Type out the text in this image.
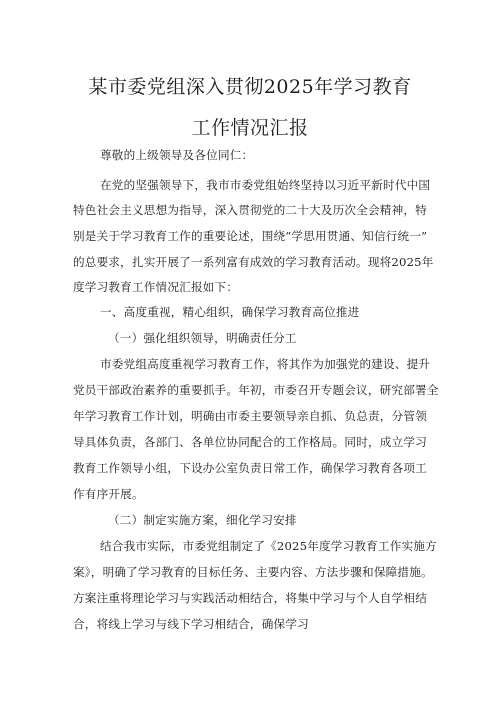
某市委党组深入贯彻2025年学习教育
工作情况汇报
尊敬的上级领导及各位同仁：
在党的坚强领导下，我市市委党组始终坚持以习近平新时代中国
特色社会主义思想为指导，深入贯彻党的二十大及历次全会精神，特
别是关于学习教育工作的重要论述，围绕“学思用贯通、知信行统一”
的总要求，扎实开展了一系列富有成效的学习教育活动。现将2025年
度学习教育工作情况汇报如下：
一、高度重视，精心组织，确保学习教育高位推进
（一）强化组织领导，明确责任分工
市委党组高度重视学习教育工作，将其作为加强党的建设、提升
党员干部政治素养的重要抓手。年初，市委召开专题会议，研究部署全
年学习教育工作计划，明确由市委主要领导亲自抓、负总责，分管领
导具体负责，各部门、各单位协同配合的工作格局。同时，成立学习
教育工作领导小组，下设办公室负责日常工作，确保学习教育各项工
作有序开展。
（二）制定实施方案，细化学习安排
结合我市实际，市委党组制定了《2025年度学习教育工作实施方
案》，明确了学习教育的目标任务、主要内容、方法步骤和保障措施。
方案注重将理论学习与实践活动相结合，将集中学习与个人自学相结
合，将线上学习与线下学习相结合，确保学习
